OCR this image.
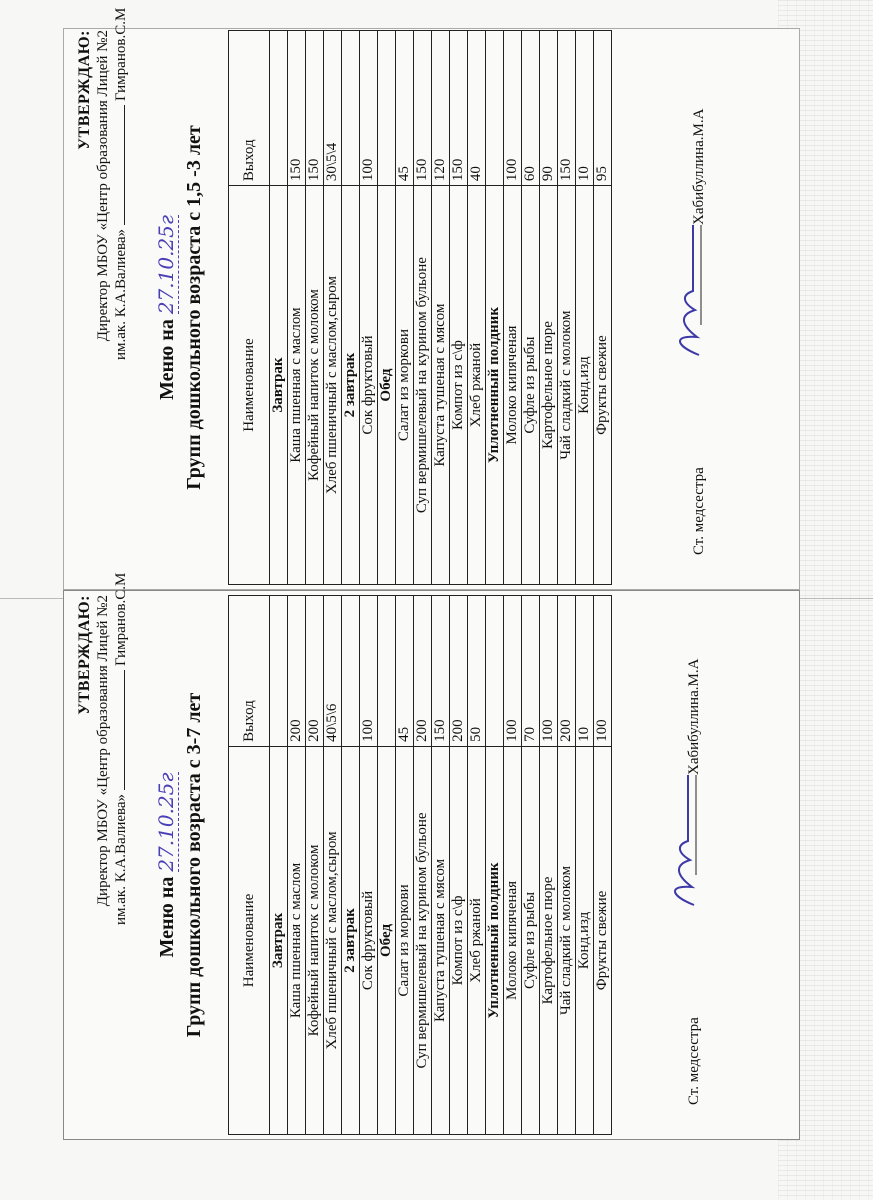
УТВЕРЖДАЮ: Директор МБОУ «Центр образования Лицей №2 им.ак. К.А.Валиева»Гимранов.С.М
Меню на 27.10.25г Групп дошкольного возраста с 3-7 лет Наименование	Выход
Завтрак	
Каша пшенная с маслом	200
Кофейный напиток с молоком	200
Хлеб пшеничный с маслом,сыром	40\5\6
2 завтрак	
Сок фруктовый	100
Обед	
Салат из моркови	45
Суп вермишелевый на курином бульоне	200
Капуста тушеная с мясом	150
Компот из с\ф	200
Хлеб ржаной	50
Уплотненный полдник	
Молоко кипяченая	100
Суфле из рыбы	70
Картофельное пюре	100
Чай сладкий с молоком	200
Конд.изд	10
Фрукты свежие	100
Ст. медсестра
Хабибуллина.М.А
УТВЕРЖДАЮ: Директор МБОУ «Центр образования Лицей №2 им.ак. К.А.Валиева»Гимранов.С.М
Меню на 27.10.25г Групп дошкольного возраста с 1,5 -3 лет Наименование	Выход
Завтрак	
Каша пшенная с маслом	150
Кофейный напиток с молоком	150
Хлеб пшеничный с маслом,сыром	30\5\4
2 завтрак	
Сок фруктовый	100
Обед	
Салат из моркови	45
Суп вермишелевый на курином бульоне	150
Капуста тушеная с мясом	120
Компот из с\ф	150
Хлеб ржаной	40
Уплотненный полдник	
Молоко кипяченая	100
Суфле из рыбы	60
Картофельное пюре	90
Чай сладкий с молоком	150
Конд.изд	10
Фрукты свежие	95
Ст. медсестра
Хабибуллина.М.А
